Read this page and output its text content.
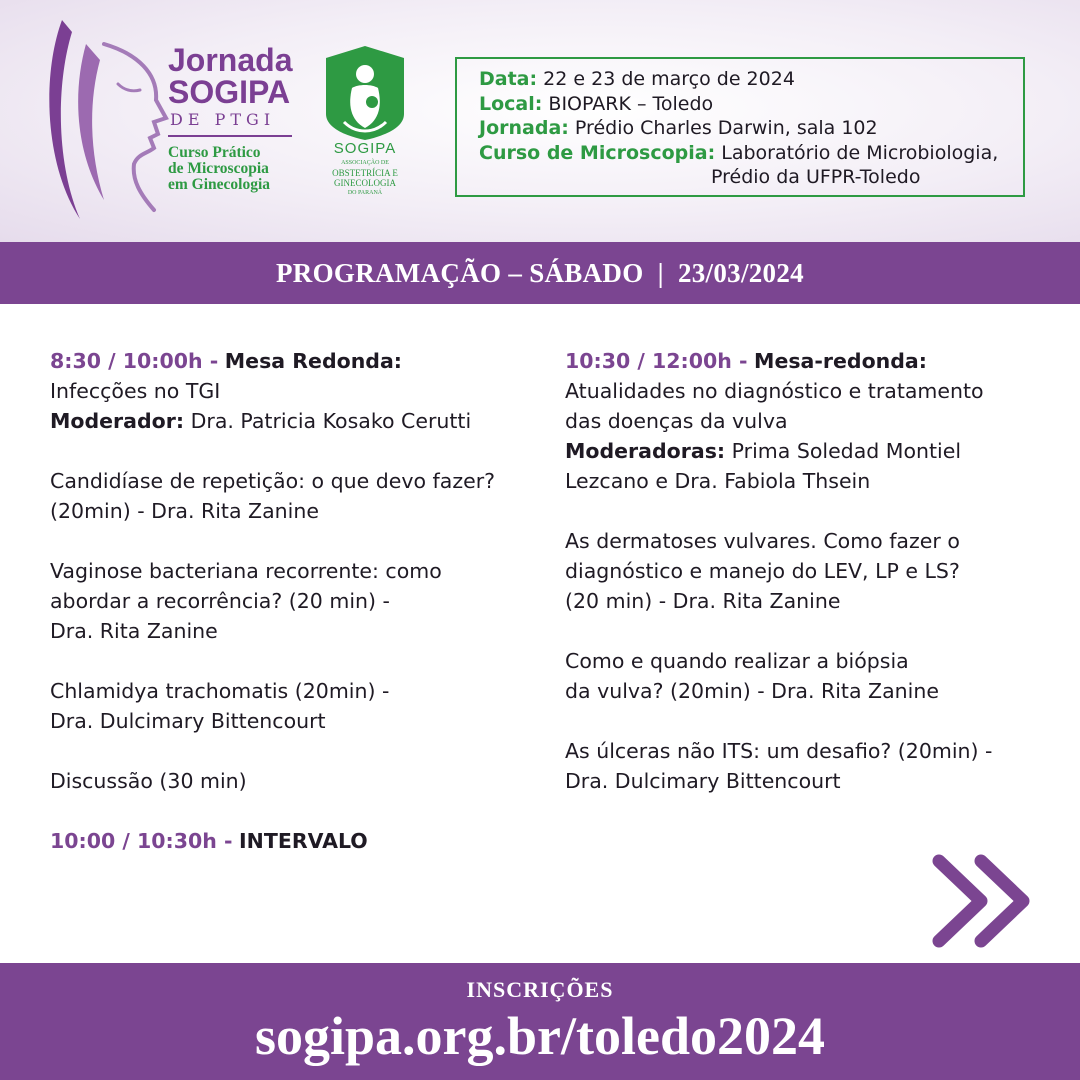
Jornada
SOGIPA
DE PTGI
Curso Prático
de Microscopia
em Ginecologia
SOGIPA
ASSOCIAÇÃO DE
OBSTETRÍCIA E
GINECOLOGIA
DO PARANÁ
Data: 22 e 23 de março de 2024
Local: BIOPARK – Toledo
Jornada: Prédio Charles Darwin, sala 102
Curso de Microscopia: Laboratório de Microbiologia,
Prédio da UFPR-Toledo
PROGRAMAÇÃO – SÁBADO  |  23/03/2024
8:30 / 10:00h - Mesa Redonda:
Infecções no TGI
Moderador: Dra. Patricia Kosako Cerutti
Candidíase de repetição: o que devo fazer?
(20min) - Dra. Rita Zanine
Vaginose bacteriana recorrente: como
abordar a recorrência? (20 min) -
Dra. Rita Zanine
Chlamidya trachomatis (20min) -
Dra. Dulcimary Bittencourt
Discussão (30 min)
10:00 / 10:30h - INTERVALO
10:30 / 12:00h - Mesa-redonda:
Atualidades no diagnóstico e tratamento
das doenças da vulva
Moderadoras: Prima Soledad Montiel
Lezcano e Dra. Fabiola Thsein
As dermatoses vulvares. Como fazer o
diagnóstico e manejo do LEV, LP e LS?
(20 min) - Dra. Rita Zanine
Como e quando realizar a biópsia
da vulva? (20min) - Dra. Rita Zanine
As úlceras não ITS: um desafio? (20min) -
Dra. Dulcimary Bittencourt
INSCRIÇÕES
sogipa.org.br/toledo2024
